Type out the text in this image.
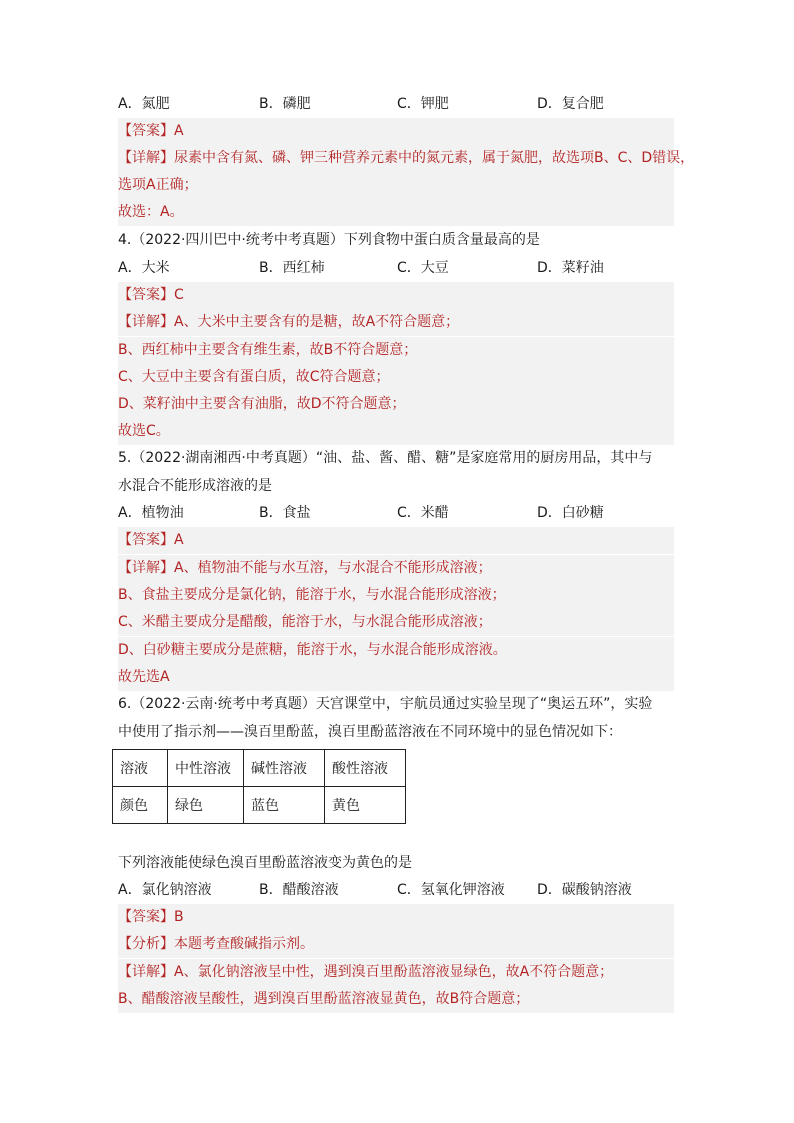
A．氮肥	B．磷肥	C．钾肥	D．复合肥
【答案】A
【详解】尿素中含有氮、磷、钾三种营养元素中的氮元素，属于氮肥，故选项B、C、D错误，
选项A正确；
故选：A。
4.（2022·四川巴中·统考中考真题）下列食物中蛋白质含量最高的是
A．大米	B．西红柿	C．大豆	D．菜籽油
【答案】C
【详解】A、大米中主要含有的是糖，故A不符合题意；
B、西红柿中主要含有维生素，故B不符合题意；
C、大豆中主要含有蛋白质，故C符合题意；
D、菜籽油中主要含有油脂，故D不符合题意；
故选C。
5.（2022·湖南湘西·中考真题）“油、盐、酱、醋、糖”是家庭常用的厨房用品，其中与
水混合不能形成溶液的是
A．植物油	B．食盐	C．米醋	D．白砂糖
【答案】A
【详解】A、植物油不能与水互溶，与水混合不能形成溶液；
B、食盐主要成分是氯化钠，能溶于水，与水混合能形成溶液；
C、米醋主要成分是醋酸，能溶于水，与水混合能形成溶液；
D、白砂糖主要成分是蔗糖，能溶于水，与水混合能形成溶液。
故先选A
6.（2022·云南·统考中考真题）天宫课堂中，宇航员通过实验呈现了“奥运五环”，实验
中使用了指示剂——溴百里酚蓝，溴百里酚蓝溶液在不同环境中的显色情况如下：
溶液	中性溶液	碱性溶液	酸性溶液
颜色	绿色	蓝色	黄色
下列溶液能使绿色溴百里酚蓝溶液变为黄色的是
A．氯化钠溶液	B．醋酸溶液	C．氢氧化钾溶液 D．碳酸钠溶液
【答案】B
【分析】本题考查酸碱指示剂。
【详解】A、氯化钠溶液呈中性，遇到溴百里酚蓝溶液显绿色，故A不符合题意；
B、醋酸溶液呈酸性，遇到溴百里酚蓝溶液显黄色，故B符合题意；
